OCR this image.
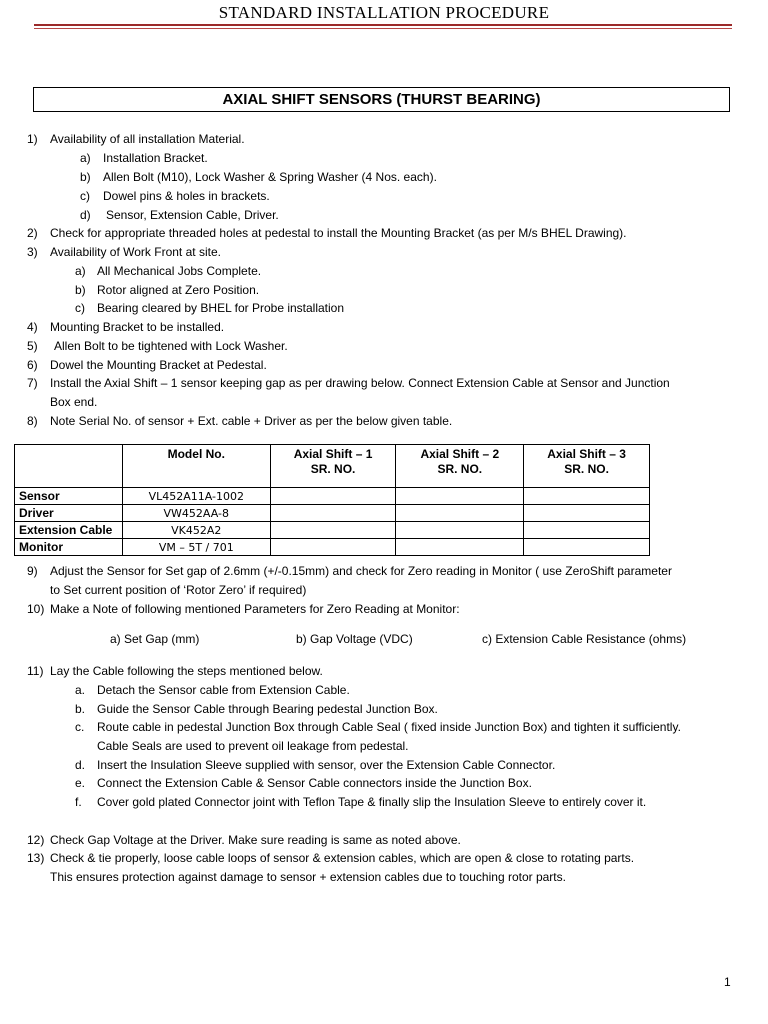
STANDARD INSTALLATION PROCEDURE
AXIAL SHIFT SENSORS (THURST BEARING)
1) Availability of all installation Material.
a) Installation Bracket.
b) Allen Bolt (M10), Lock Washer & Spring Washer (4 Nos. each).
c) Dowel pins & holes in brackets.
d) Sensor, Extension Cable, Driver.
2) Check for appropriate threaded holes at pedestal to install the Mounting Bracket (as per M/s BHEL Drawing).
3) Availability of Work Front at site.
a) All Mechanical Jobs Complete.
b) Rotor aligned at Zero Position.
c) Bearing cleared by BHEL for Probe installation
4) Mounting Bracket to be installed.
5) Allen Bolt to be tightened with Lock Washer.
6) Dowel the Mounting Bracket at Pedestal.
7) Install the Axial Shift – 1 sensor keeping gap as per drawing below. Connect Extension Cable at Sensor and Junction
Box end.
8) Note Serial No. of sensor + Ext. cable + Driver as per the below given table.
	Model No.	Axial Shift – 1
SR. NO.	Axial Shift – 2
SR. NO.	Axial Shift – 3
SR. NO.
Sensor	VL452A11A-1002			
Driver	VW452AA-8			
Extension Cable	VK452A2			
Monitor	VM – 5T / 701			
9) Adjust the Sensor for Set gap of 2.6mm (+/-0.15mm) and check for Zero reading in Monitor ( use ZeroShift parameter
to Set current position of ‘Rotor Zero’ if required)
10) Make a Note of following mentioned Parameters for Zero Reading at Monitor:
a) Set Gap (mm)	b) Gap Voltage (VDC)	c) Extension Cable Resistance (ohms)
11) Lay the Cable following the steps mentioned below.
a. Detach the Sensor cable from Extension Cable.
b. Guide the Sensor Cable through Bearing pedestal Junction Box.
c. Route cable in pedestal Junction Box through Cable Seal ( fixed inside Junction Box) and tighten it sufficiently.
Cable Seals are used to prevent oil leakage from pedestal.
d. Insert the Insulation Sleeve supplied with sensor, over the Extension Cable Connector.
e. Connect the Extension Cable & Sensor Cable connectors inside the Junction Box.
f. Cover gold plated Connector joint with Teflon Tape & finally slip the Insulation Sleeve to entirely cover it.
12) Check Gap Voltage at the Driver. Make sure reading is same as noted above.
13) Check & tie properly, loose cable loops of sensor & extension cables, which are open & close to rotating parts.
This ensures protection against damage to sensor + extension cables due to touching rotor parts.
1
